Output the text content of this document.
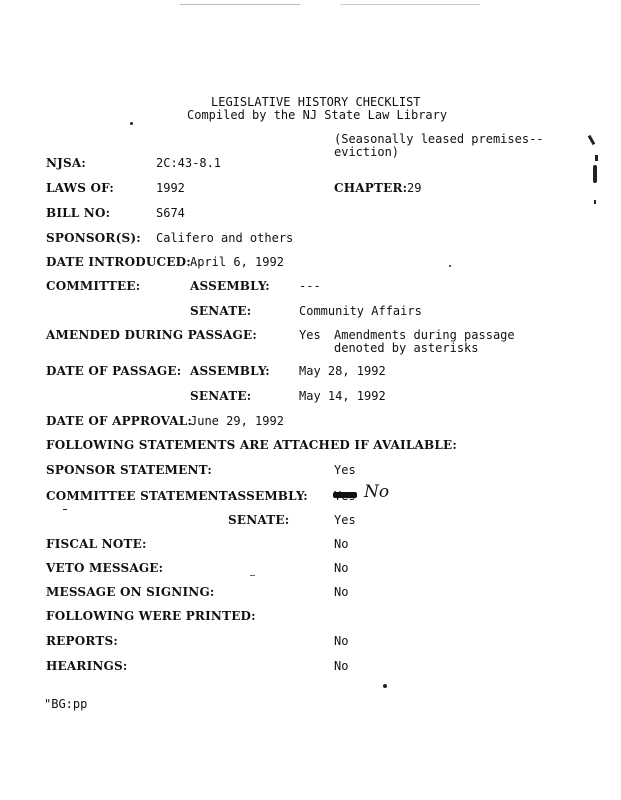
LEGISLATIVE HISTORY CHECKLIST
Compiled by the NJ State Law Library
(Seasonally leased premises--
eviction)
NJSA:	2C:43-8.1
LAWS OF:	1992	CHAPTER: 29
BILL NO:	S674
SPONSOR(S): Califero and others
DATE INTRODUCED: April 6, 1992
COMMITTEE:	ASSEMBLY: ---
SENATE:	Community Affairs
AMENDED DURING PASSAGE:	Yes Amendments during passage
denoted by asterisks
DATE OF PASSAGE: ASSEMBLY: May 28, 1992
SENATE:	May 14, 1992
DATE OF APPROVAL:
June 29, 1992
FOLLOWING STATEMENTS ARE ATTACHED IF AVAILABLE:
SPONSOR STATEMENT:	Yes
COMMITTEE STATEMENT:
ASSEMBLY:	No
SENATE:	Yes
FISCAL NOTE:	No
VETO MESSAGE:	No
MESSAGE ON SIGNING:	No
FOLLOWING WERE PRINTED:
REPORTS:	No
HEARINGS:	No
"BG:pp
